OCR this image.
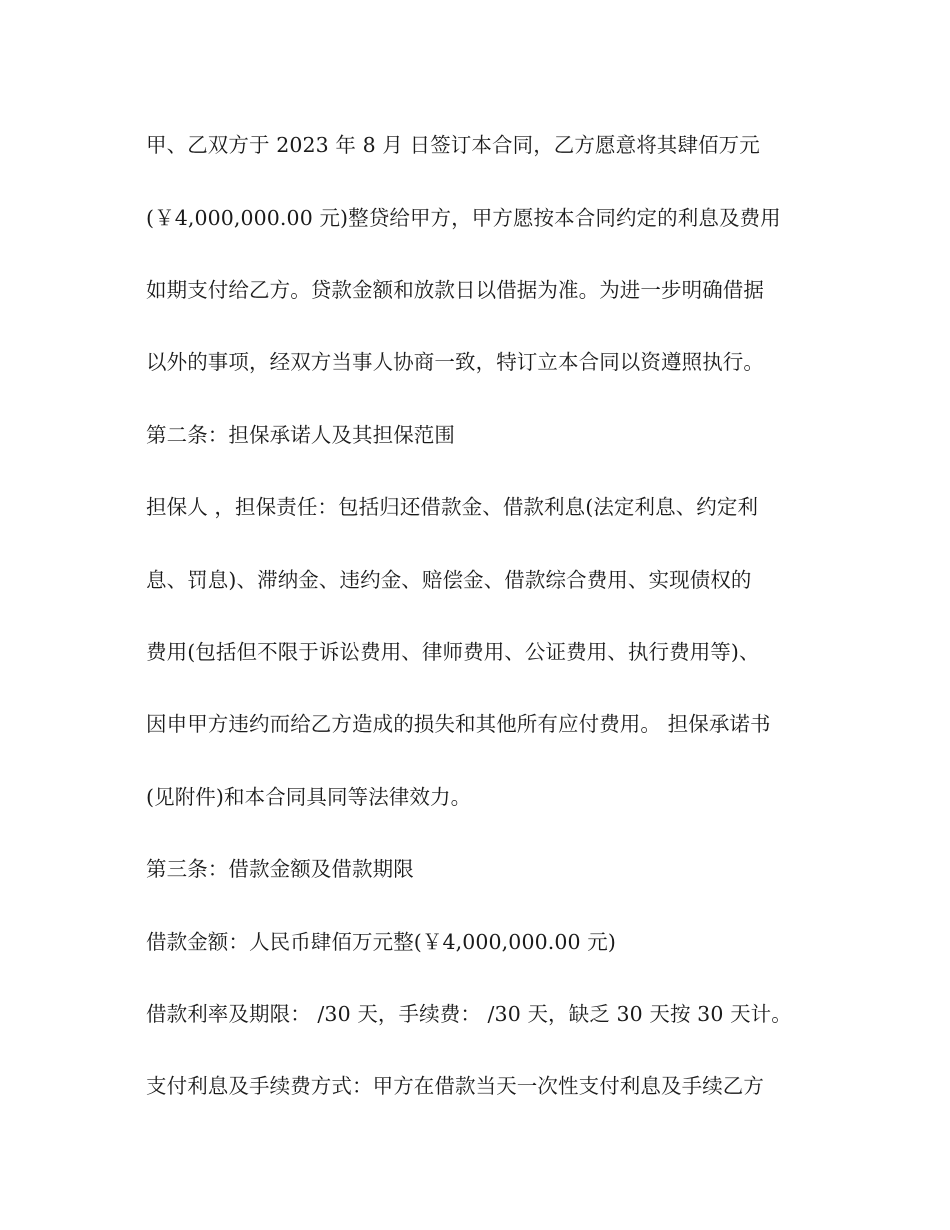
甲、乙双方于 2023 年 8 月 日签订本合同，乙方愿意将其肆佰万元
(￥4,000,000.00 元)整贷给甲方，甲方愿按本合同约定的利息及费用
如期支付给乙方。贷款金额和放款日以借据为准。为进一步明确借据
以外的事项，经双方当事人协商一致，特订立本合同以资遵照执行。
第二条：担保承诺人及其担保范围
担保人 ，担保责任：包括归还借款金、借款利息(法定利息、约定利
息、罚息)、滞纳金、违约金、赔偿金、借款综合费用、实现债权的
费用(包括但不限于诉讼费用、律师费用、公证费用、执行费用等)、
因申甲方违约而给乙方造成的损失和其他所有应付费用。 担保承诺书
(见附件)和本合同具同等法律效力。
第三条：借款金额及借款期限
借款金额：人民币肆佰万元整(￥4,000,000.00 元)
借款利率及期限： /30 天，手续费： /30 天，缺乏 30 天按 30 天计。
支付利息及手续费方式：甲方在借款当天一次性支付利息及手续乙方
